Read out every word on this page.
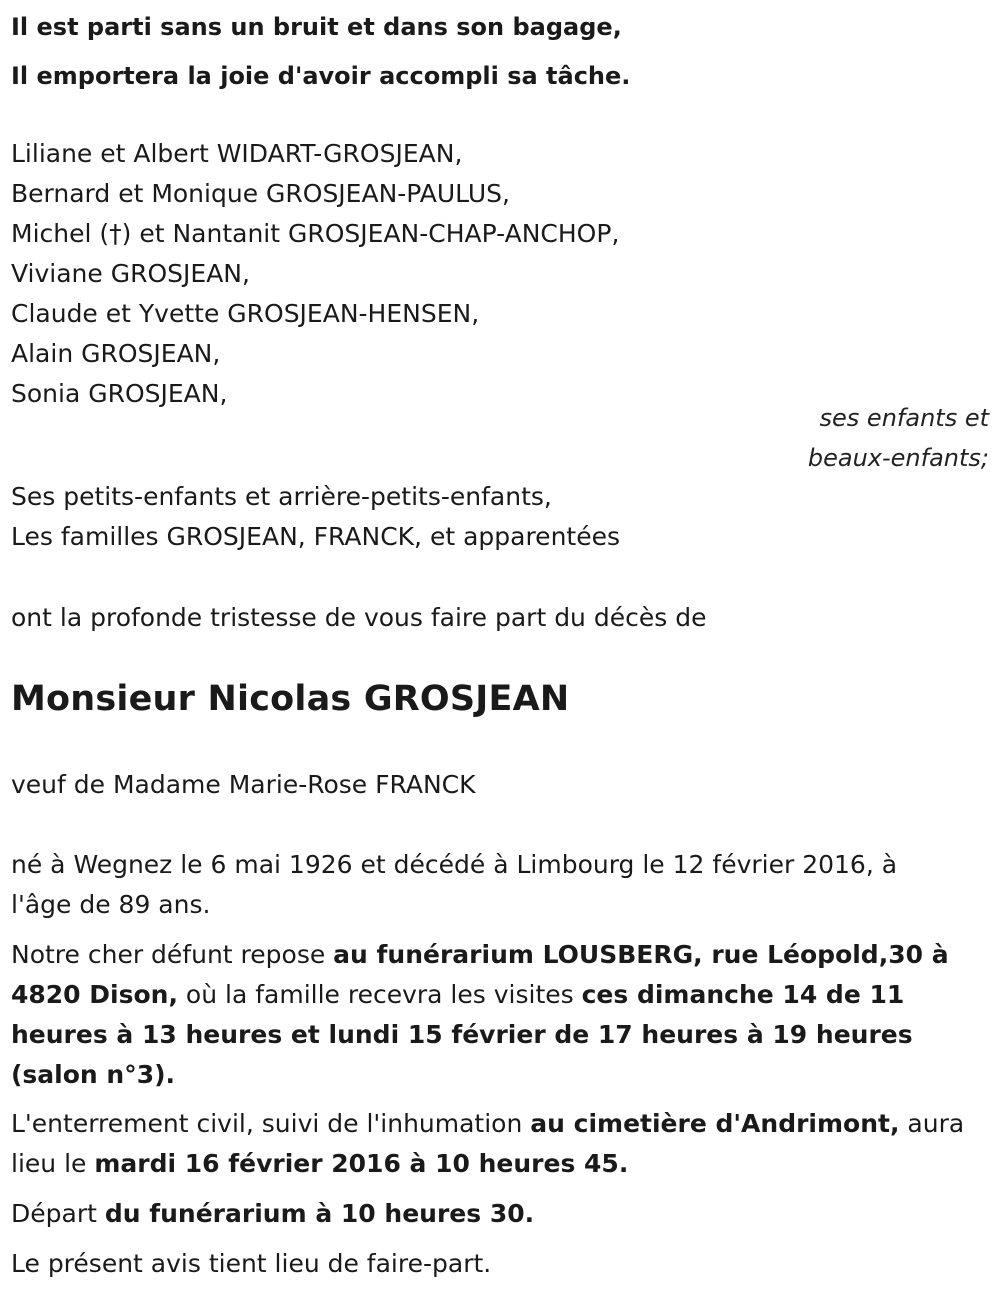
Il est parti sans un bruit et dans son bagage,
Il emportera la joie d'avoir accompli sa tâche.
Liliane et Albert WIDART-GROSJEAN,
Bernard et Monique GROSJEAN-PAULUS,
Michel (†) et Nantanit GROSJEAN-CHAP-ANCHOP,
Viviane GROSJEAN,
Claude et Yvette GROSJEAN-HENSEN,
Alain GROSJEAN,
Sonia GROSJEAN,
ses enfants et
beaux-enfants;
Ses petits-enfants et arrière-petits-enfants,
Les familles GROSJEAN, FRANCK, et apparentées
ont la profonde tristesse de vous faire part du décès de
Monsieur Nicolas GROSJEAN
veuf de Madame Marie-Rose FRANCK
né à Wegnez le 6 mai 1926 et décédé à Limbourg le 12 février 2016, à l'âge de 89 ans.
Notre cher défunt repose au funérarium LOUSBERG, rue Léopold,30 à 4820 Dison, où la famille recevra les visites ces dimanche 14 de 11 heures à 13 heures et lundi 15 février de 17 heures à 19 heures (salon n°3).
L'enterrement civil, suivi de l'inhumation au cimetière d'Andrimont, aura lieu le mardi 16 février 2016 à 10 heures 45.
Départ du funérarium à 10 heures 30.
Le présent avis tient lieu de faire-part.
